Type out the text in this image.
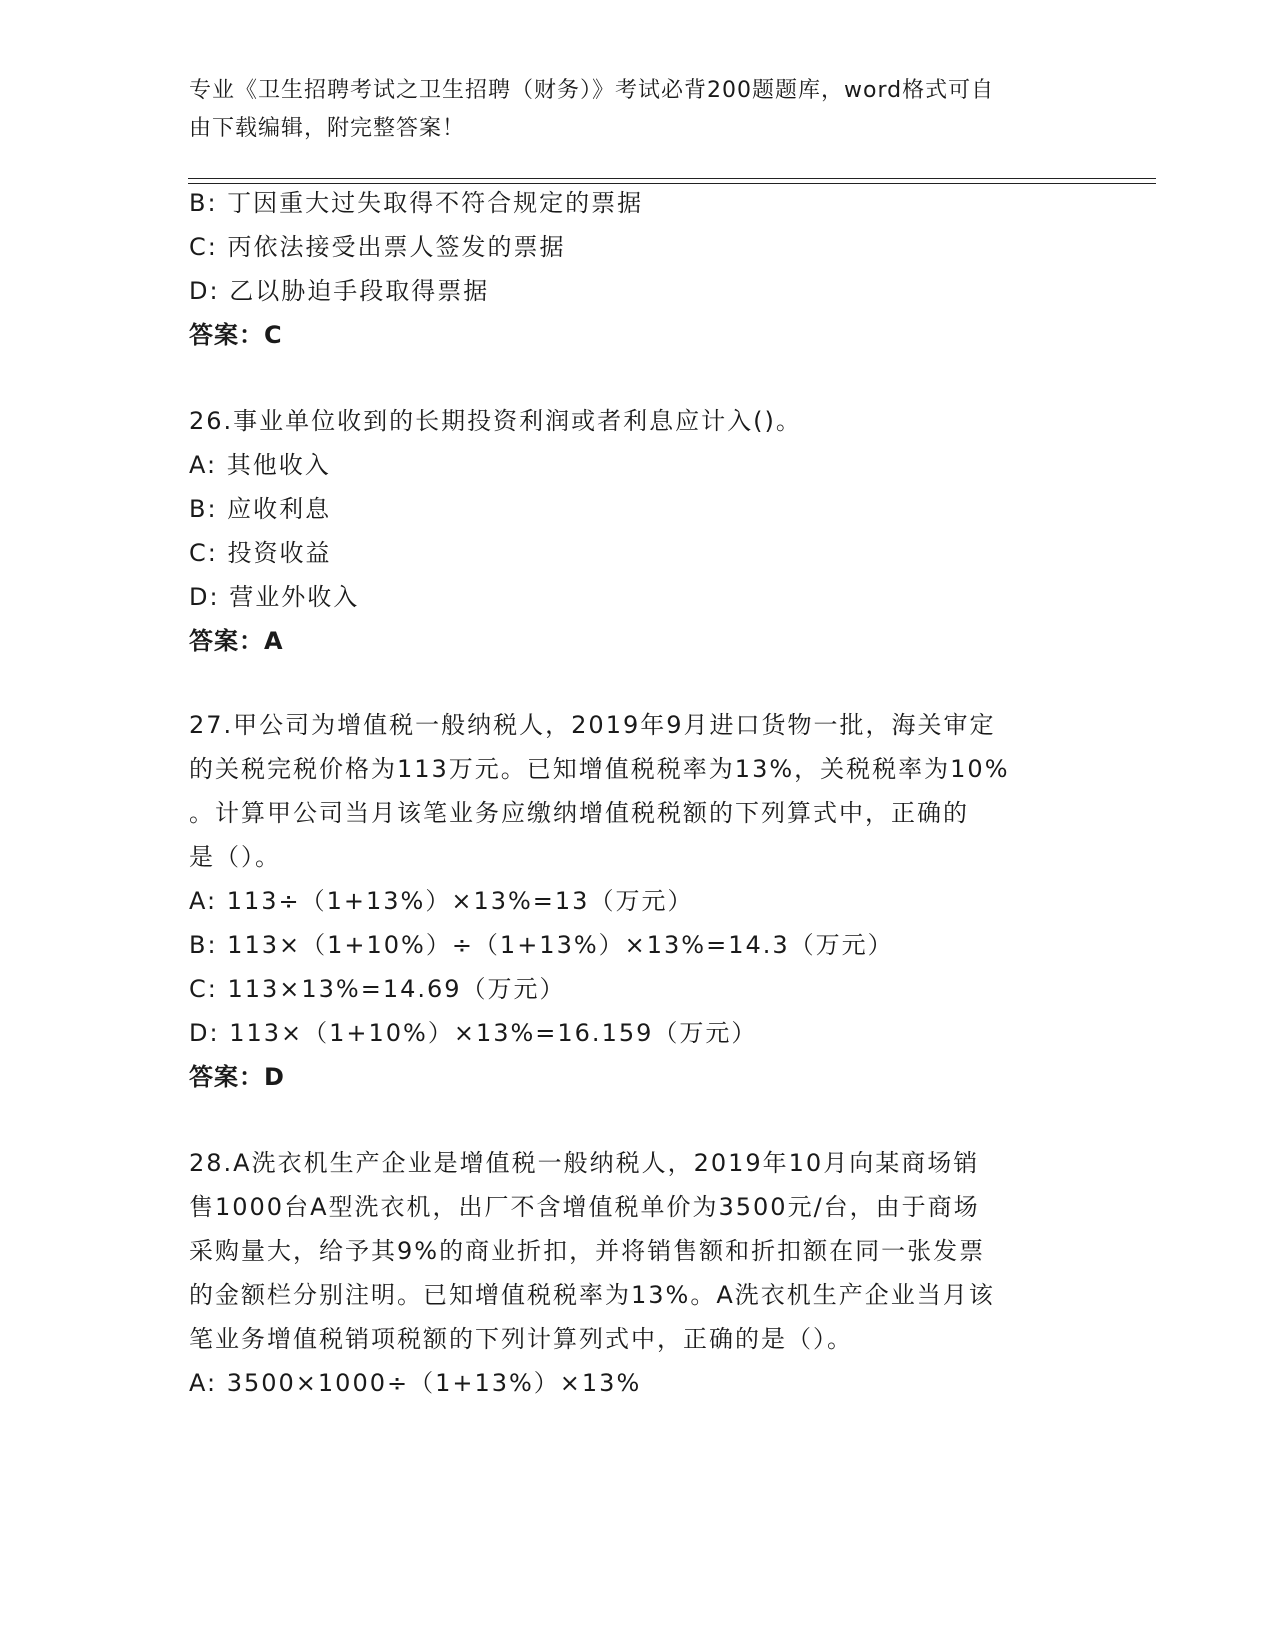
专业《卫生招聘考试之卫生招聘（财务）》考试必背200题题库，word格式可自
由下载编辑，附完整答案！
B: 丁因重大过失取得不符合规定的票据
C: 丙依法接受出票人签发的票据
D: 乙以胁迫手段取得票据
答案：C
26.事业单位收到的长期投资利润或者利息应计入()。
A: 其他收入
B: 应收利息
C: 投资收益
D: 营业外收入
答案：A
27.甲公司为增值税一般纳税人，2019年9月进口货物一批，海关审定
的关税完税价格为113万元。已知增值税税率为13%，关税税率为10%
。计算甲公司当月该笔业务应缴纳增值税税额的下列算式中，正确的
是（）。
A: 113÷（1+13%）×13%=13（万元）
B: 113×（1+10%）÷（1+13%）×13%=14.3（万元）
C: 113×13%=14.69（万元）
D: 113×（1+10%）×13%=16.159（万元）
答案：D
28.A洗衣机生产企业是增值税一般纳税人，2019年10月向某商场销
售1000台A型洗衣机，出厂不含增值税单价为3500元/台，由于商场
采购量大，给予其9%的商业折扣，并将销售额和折扣额在同一张发票
的金额栏分别注明。已知增值税税率为13%。A洗衣机生产企业当月该
笔业务增值税销项税额的下列计算列式中，正确的是（）。
A: 3500×1000÷（1+13%）×13%
